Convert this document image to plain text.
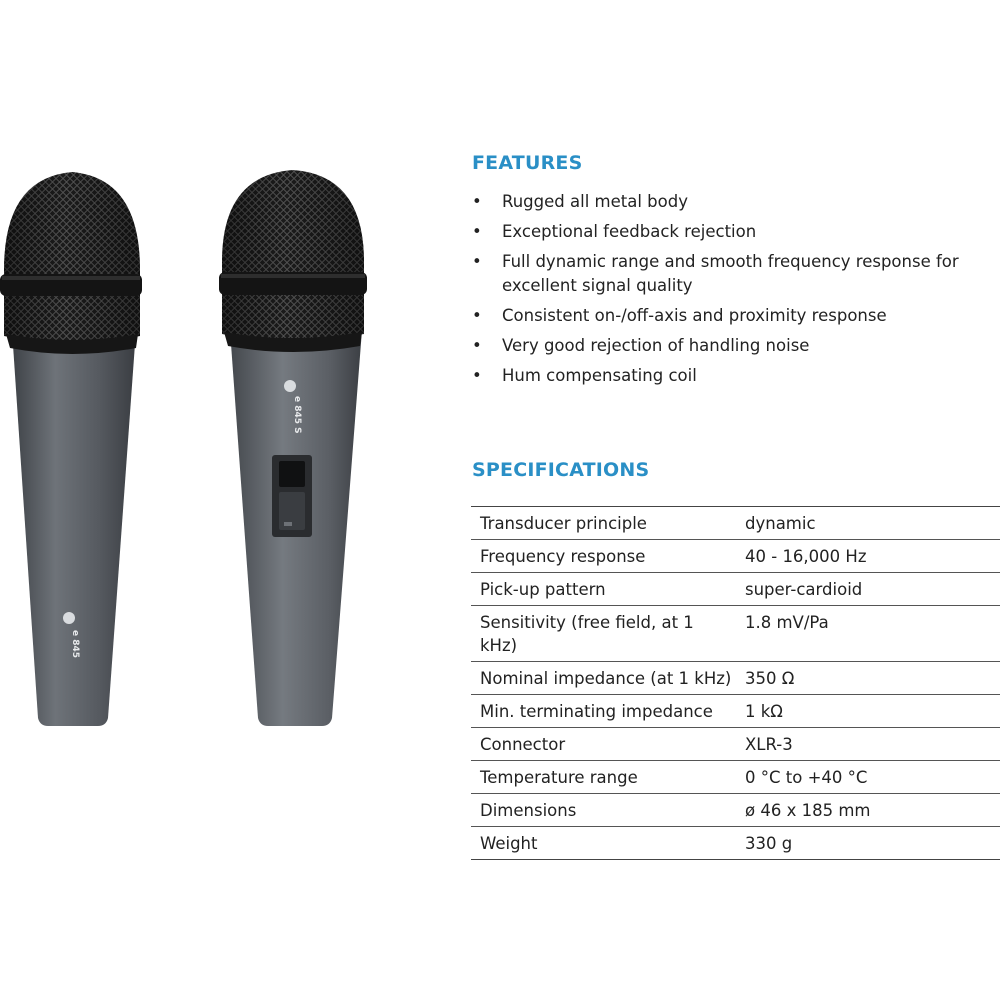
e 845
e 845 S
FEATURES
• Rugged all metal body
• Exceptional feedback rejection
• Full dynamic range and smooth frequency response for excellent signal quality
• Consistent on-/off-axis and proximity response
• Very good rejection of handling noise
• Hum compensating coil
SPECIFICATIONS
Transducer principle	dynamic
Frequency response	40 - 16,000 Hz
Pick-up pattern	super-cardioid
Sensitivity (free field, at 1 kHz)	1.8 mV/Pa
Nominal impedance (at 1 kHz)	350 Ω
Min. terminating impedance	1 kΩ
Connector	XLR-3
Temperature range	0 °C to +40 °C
Dimensions	ø 46 x 185 mm
Weight	330 g
